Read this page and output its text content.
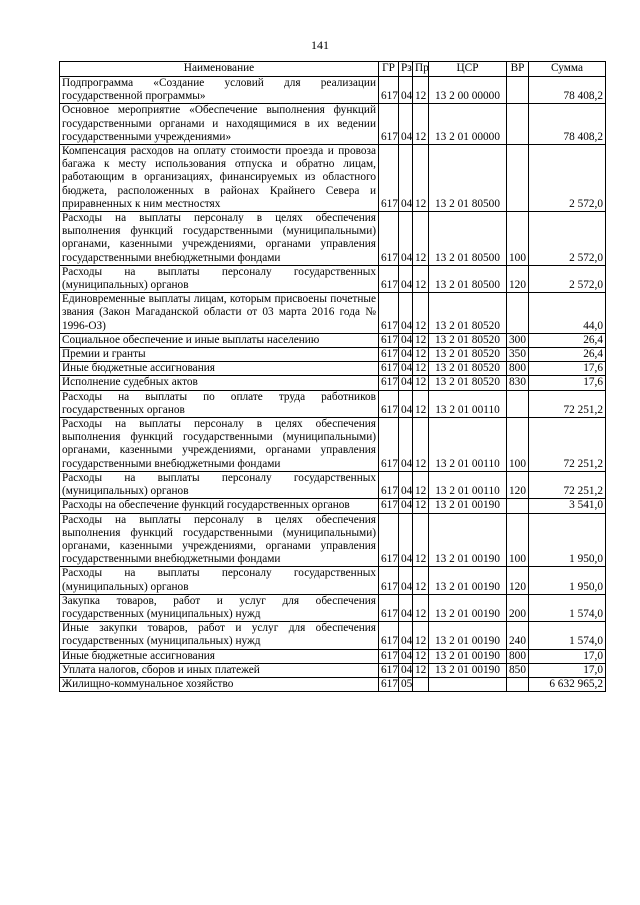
141
Наименование	ГР	Рз	Пр	ЦСР	ВР	Сумма
Подпрограмма «Создание условий для реализации государственной программы»	617	04	12	13 2 00 00000		78 408,2
Основное мероприятие «Обеспечение выполнения функций государственными органами и находящимися в их ведении государственными учреждениями»	617	04	12	13 2 01 00000		78 408,2
Компенсация расходов на оплату стоимости проезда и провоза багажа к месту использования отпуска и обратно лицам, работающим в организациях, финансируемых из областного бюджета, расположенных в районах Крайнего Севера и приравненных к ним местностях	617	04	12	13 2 01 80500		2 572,0
Расходы на выплаты персоналу в целях обеспечения выполнения функций государственными (муниципальными) органами, казенными учреждениями, органами управления государственными внебюджетными фондами	617	04	12	13 2 01 80500	100	2 572,0
Расходы на выплаты персоналу государственных (муниципальных) органов	617	04	12	13 2 01 80500	120	2 572,0
Единовременные выплаты лицам, которым присвоены почетные звания (Закон Магаданской области от 03 марта 2016 года № 1996-ОЗ)	617	04	12	13 2 01 80520		44,0
Социальное обеспечение и иные выплаты населению	617	04	12	13 2 01 80520	300	26,4
Премии и гранты	617	04	12	13 2 01 80520	350	26,4
Иные бюджетные ассигнования	617	04	12	13 2 01 80520	800	17,6
Исполнение судебных актов	617	04	12	13 2 01 80520	830	17,6
Расходы на выплаты по оплате труда работников государственных органов	617	04	12	13 2 01 00110		72 251,2
Расходы на выплаты персоналу в целях обеспечения выполнения функций государственными (муниципальными) органами, казенными учреждениями, органами управления государственными внебюджетными фондами	617	04	12	13 2 01 00110	100	72 251,2
Расходы на выплаты персоналу государственных (муниципальных) органов	617	04	12	13 2 01 00110	120	72 251,2
Расходы на обеспечение функций государственных органов	617	04	12	13 2 01 00190		3 541,0
Расходы на выплаты персоналу в целях обеспечения выполнения функций государственными (муниципальными) органами, казенными учреждениями, органами управления государственными внебюджетными фондами	617	04	12	13 2 01 00190	100	1 950,0
Расходы на выплаты персоналу государственных (муниципальных) органов	617	04	12	13 2 01 00190	120	1 950,0
Закупка товаров, работ и услуг для обеспечения государственных (муниципальных) нужд	617	04	12	13 2 01 00190	200	1 574,0
Иные закупки товаров, работ и услуг для обеспечения государственных (муниципальных) нужд	617	04	12	13 2 01 00190	240	1 574,0
Иные бюджетные ассигнования	617	04	12	13 2 01 00190	800	17,0
Уплата налогов, сборов и иных платежей	617	04	12	13 2 01 00190	850	17,0
Жилищно-коммунальное хозяйство	617	05				6 632 965,2
